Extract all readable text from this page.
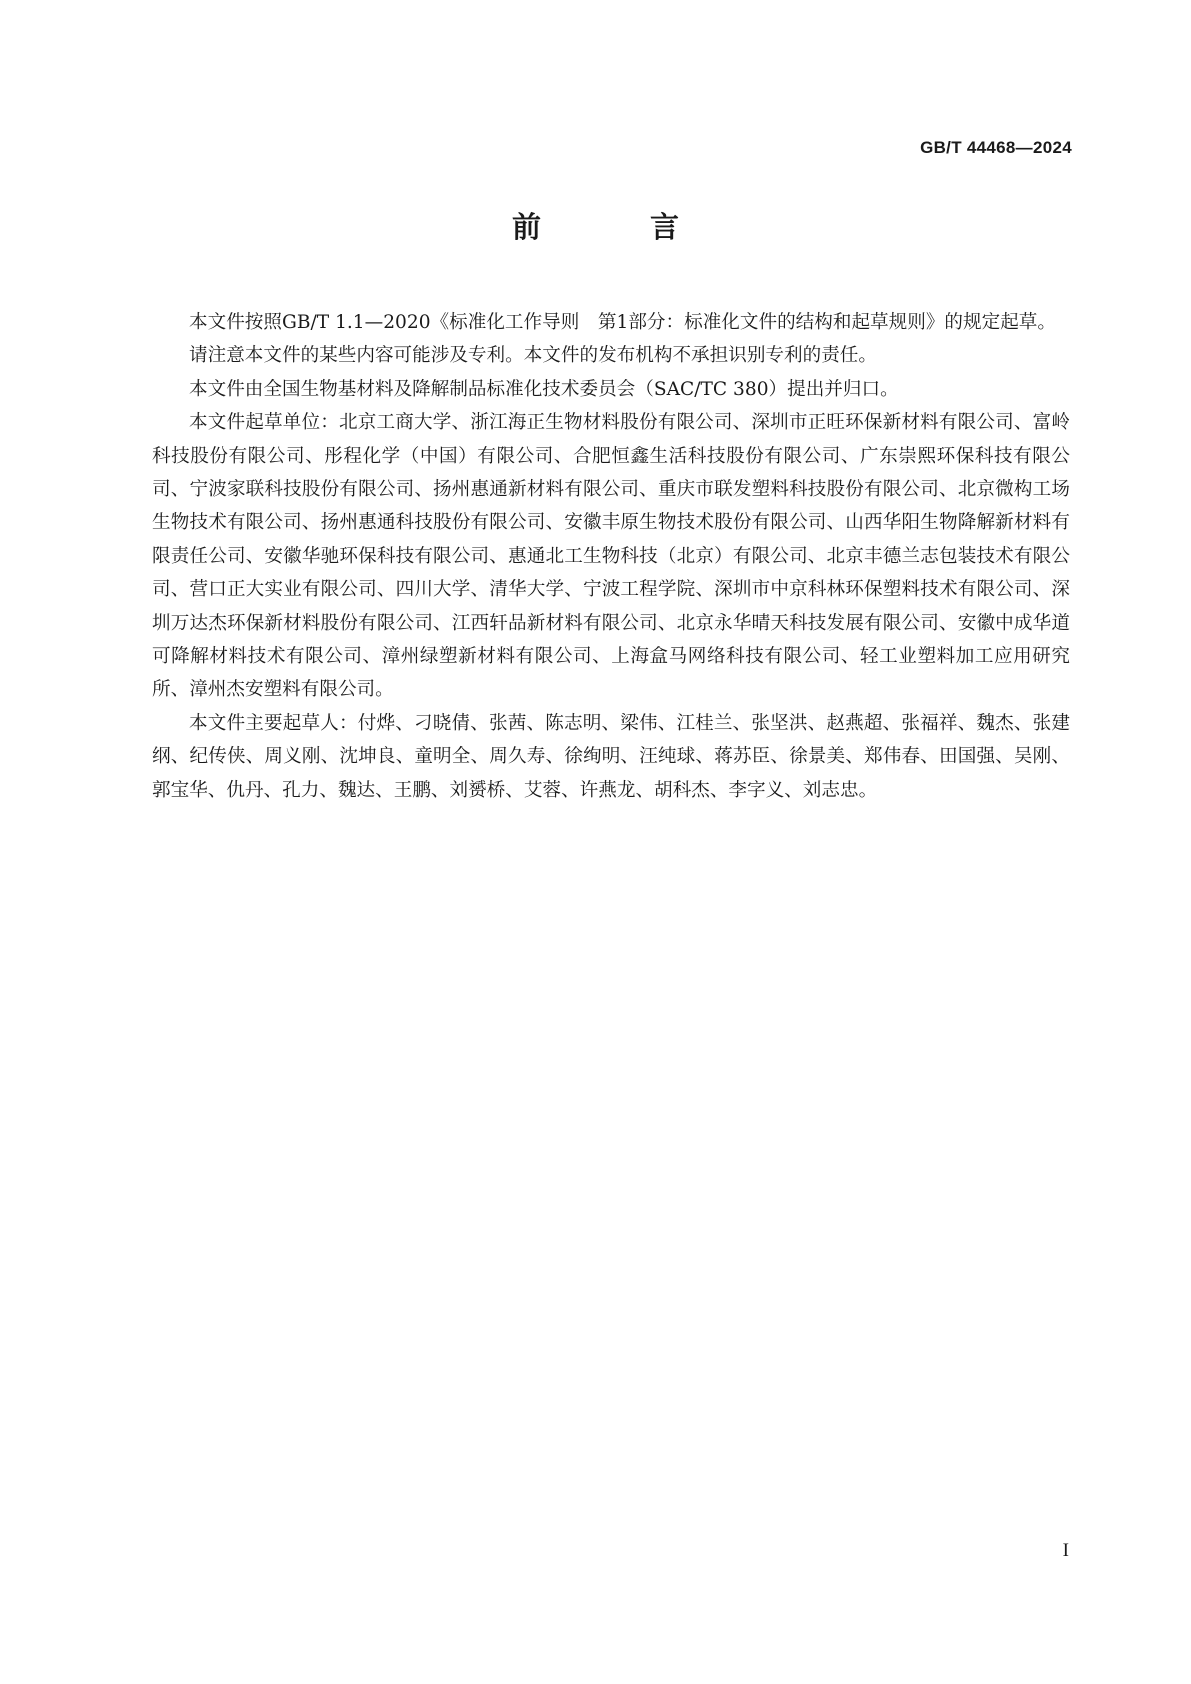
GB/T 44468—2024
前　言

本文件按照GB/T 1.1—2020《标准化工作导则　第1部分：标准化文件的结构和起草规则》的规定起草。

请注意本文件的某些内容可能涉及专利。本文件的发布机构不承担识别专利的责任。

本文件由全国生物基材料及降解制品标准化技术委员会（SAC/TC 380）提出并归口。

本文件起草单位：北京工商大学、浙江海正生物材料股份有限公司、深圳市正旺环保新材料有限公司、富岭科技股份有限公司、彤程化学（中国）有限公司、合肥恒鑫生活科技股份有限公司、广东崇熙环保科技有限公司、宁波家联科技股份有限公司、扬州惠通新材料有限公司、重庆市联发塑料科技股份有限公司、北京微构工场生物技术有限公司、扬州惠通科技股份有限公司、安徽丰原生物技术股份有限公司、山西华阳生物降解新材料有限责任公司、安徽华驰环保科技有限公司、惠通北工生物科技（北京）有限公司、北京丰德兰志包装技术有限公司、营口正大实业有限公司、四川大学、清华大学、宁波工程学院、深圳市中京科林环保塑料技术有限公司、深圳万达杰环保新材料股份有限公司、江西轩品新材料有限公司、北京永华晴天科技发展有限公司、安徽中成华道可降解材料技术有限公司、漳州绿塑新材料有限公司、上海盒马网络科技有限公司、轻工业塑料加工应用研究所、漳州杰安塑料有限公司。

本文件主要起草人：付烨、刁晓倩、张茜、陈志明、梁伟、江桂兰、张坚洪、赵燕超、张福祥、魏杰、张建纲、纪传侠、周义刚、沈坤良、童明全、周久寿、徐绚明、汪纯球、蒋苏臣、徐景美、郑伟春、田国强、吴刚、郭宝华、仇丹、孔力、魏达、王鹏、刘赟桥、艾蓉、许燕龙、胡科杰、李字义、刘志忠。

I
